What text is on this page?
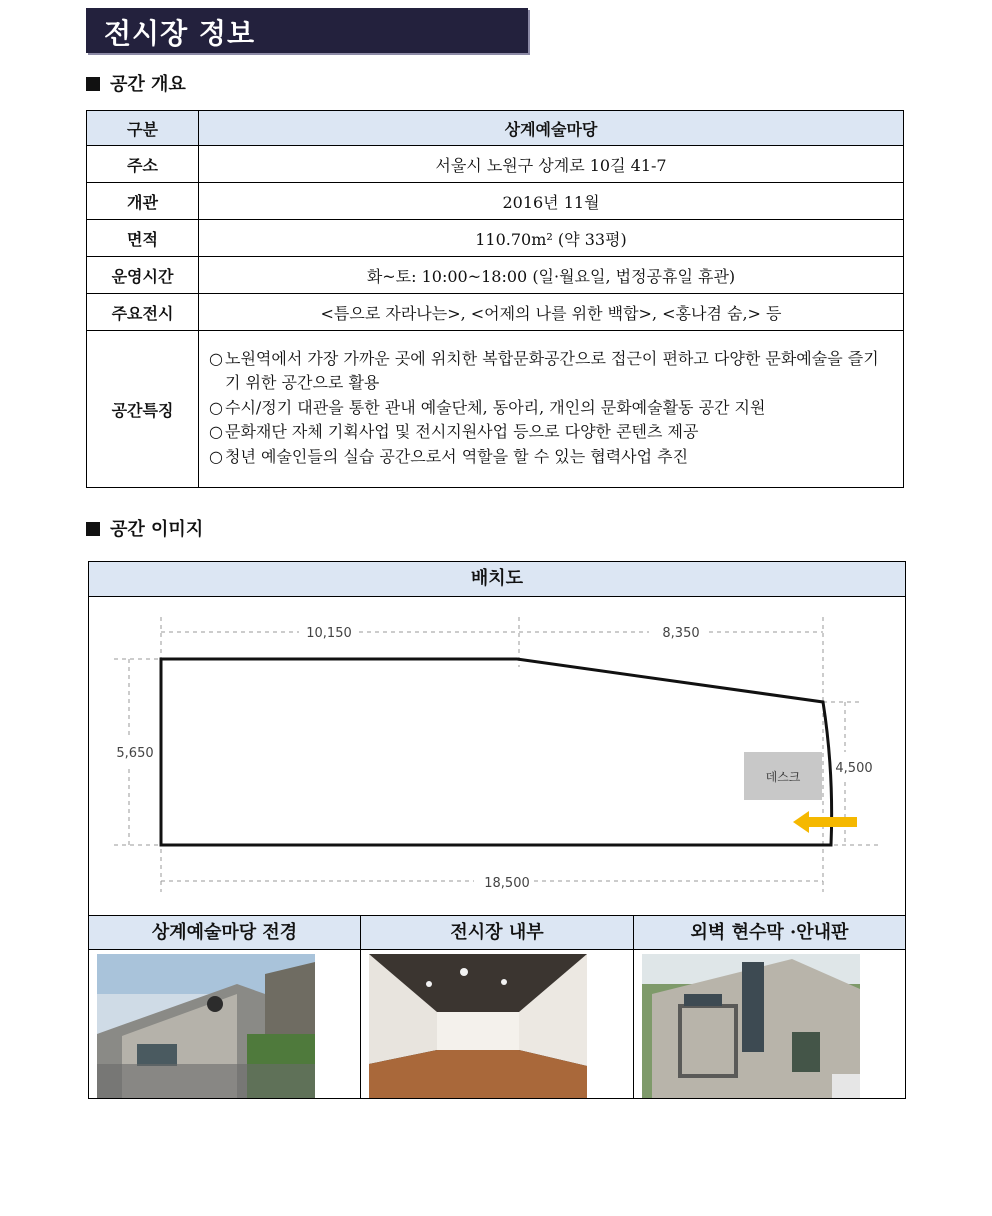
전시장 정보
공간 개요
구분	상계예술마당
주소	서울시 노원구 상계로 10길 41-7
개관	2016년 11월
면적	110.70m² (약 33평)
운영시간	화~토: 10:00~18:00 (일·월요일, 법정공휴일 휴관)
주요전시	<틈으로 자라나는>, <어제의 나를 위한 백합>, <홍나겸 숨,> 등
공간특징	○ 노원역에서 가장 가까운 곳에 위치한 복합문화공간으로 접근이 편하고 다양한 문화예술을 즐기기 위한 공간으로 활용
○ 수시/정기 대관을 통한 관내 예술단체, 동아리, 개인의 문화예술활동 공간 지원
○ 문화재단 자체 기획사업 및 전시지원사업 등으로 다양한 콘텐츠 제공
○ 청년 예술인들의 실습 공간으로서 역할을 할 수 있는 협력사업 추진
공간 이미지
배치도
데스크
10,150	8,350
5,650
4,500
18,500
상계예술마당 전경	전시장 내부	외벽 현수막 ·안내판
